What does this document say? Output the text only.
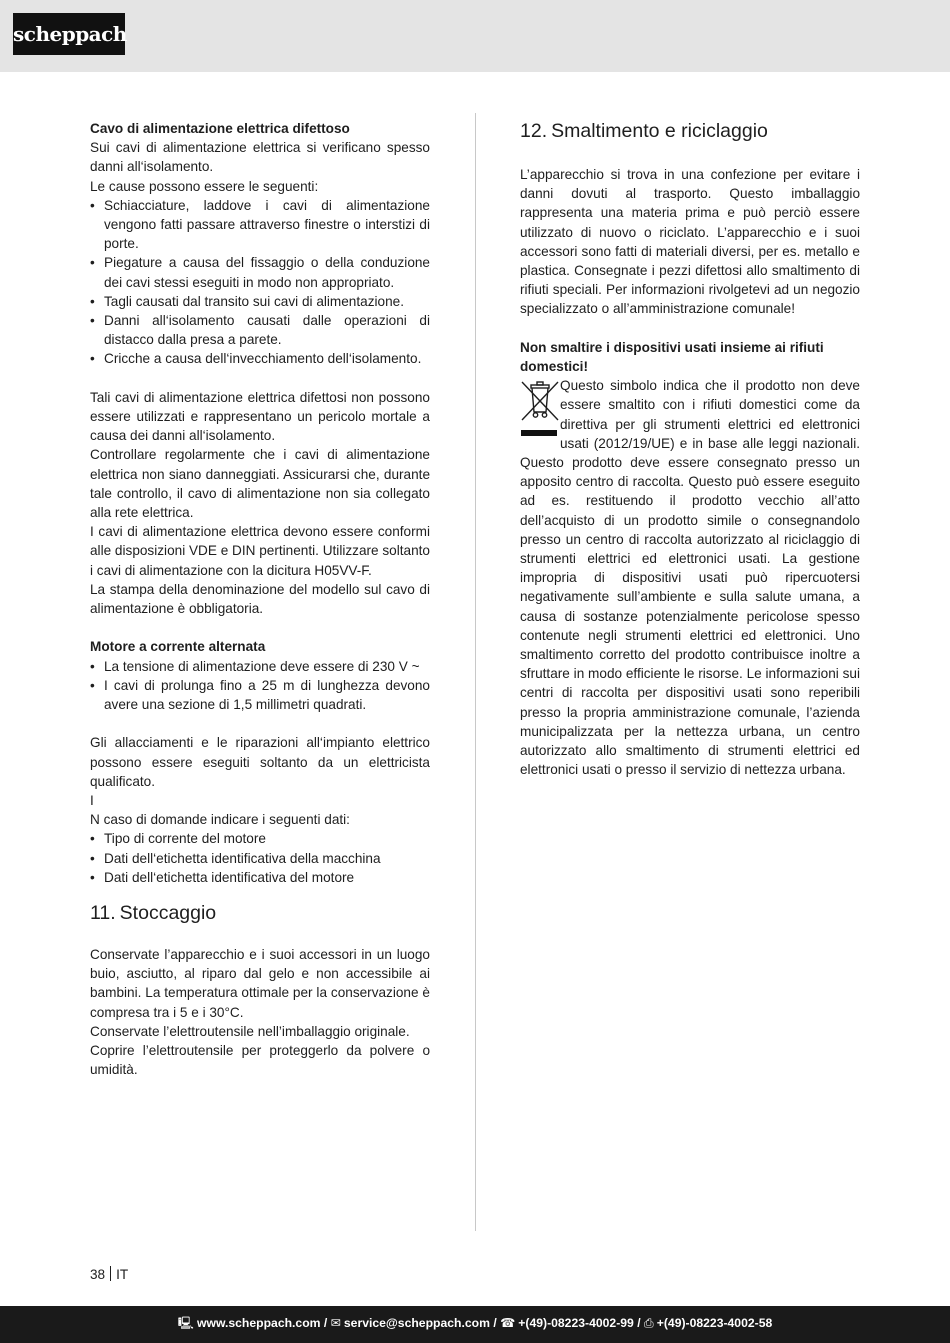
scheppach

Cavo di alimentazione elettrica difettoso

Sui cavi di alimentazione elettrica si verificano spesso danni all‘isolamento.

Le cause possono essere le seguenti:

• Schiacciature, laddove i cavi di alimentazione vengono fatti passare attraverso finestre o interstizi di porte.
• Piegature a causa del fissaggio o della conduzione dei cavi stessi eseguiti in modo non appropriato.
• Tagli causati dal transito sui cavi di alimentazione.
• Danni all‘isolamento causati dalle operazioni di distacco dalla presa a parete.
• Cricche a causa dell‘invecchiamento dell‘isolamento.

Tali cavi di alimentazione elettrica difettosi non possono essere utilizzati e rappresentano un pericolo mortale a causa dei danni all‘isolamento.

Controllare regolarmente che i cavi di alimentazione elettrica non siano danneggiati. Assicurarsi che, durante tale controllo, il cavo di alimentazione non sia collegato alla rete elettrica.

I cavi di alimentazione elettrica devono essere conformi alle disposizioni VDE e DIN pertinenti. Utilizzare soltanto i cavi di alimentazione con la dicitura H05VV-F.

La stampa della denominazione del modello sul cavo di alimentazione è obbligatoria.

Motore a corrente alternata

• La tensione di alimentazione deve essere di 230 V ~
• I cavi di prolunga fino a 25 m di lunghezza devono avere una sezione di 1,5 millimetri quadrati.

Gli allacciamenti e le riparazioni all‘impianto elettrico possono essere eseguiti soltanto da un elettricista qualificato.

I

N caso di domande indicare i seguenti dati:

• Tipo di corrente del motore
• Dati dell‘etichetta identificativa della macchina
• Dati dell‘etichetta identificativa del motore
11. Stoccaggio

Conservate l’apparecchio e i suoi accessori in un luogo buio, asciutto, al riparo dal gelo e non accessibile ai bambini. La temperatura ottimale per la conservazione è compresa tra i 5 e i 30°C.

Conservate l’elettroutensile nell’imballaggio originale.

Coprire l’elettroutensile per proteggerlo da polvere o umidità.

12. Smaltimento e riciclaggio

L’apparecchio si trova in una confezione per evitare i danni dovuti al trasporto. Questo imballaggio rappresenta una materia prima e può perciò essere utilizzato di nuovo o riciclato. L’apparecchio e i suoi accessori sono fatti di materiali diversi, per es. metallo e plastica. Consegnate i pezzi difettosi allo smaltimento di rifiuti speciali. Per informazioni rivolgetevi ad un negozio specializzato o all’amministrazione comunale!

Non smaltire i dispositivi usati insieme ai rifiuti domestici!

Questo simbolo indica che il prodotto non deve essere smaltito con i rifiuti domestici come da direttiva per gli strumenti elettrici ed elettronici usati (2012/19/UE) e in base alle leggi nazionali. Questo prodotto deve essere consegnato presso un apposito centro di raccolta. Questo può essere eseguito ad es. restituendo il prodotto vecchio all’atto dell’acquisto di un prodotto simile o consegnandolo presso un centro di raccolta autorizzato al riciclaggio di strumenti elettrici ed elettronici usati. La gestione impropria di dispositivi usati può ripercuotersi negativamente sull’ambiente e sulla salute umana, a causa di sostanze potenzialmente pericolose spesso contenute negli strumenti elettrici ed elettronici. Uno smaltimento corretto del prodotto contribuisce inoltre a sfruttare in modo efficiente le risorse. Le informazioni sui centri di raccolta per dispositivi usati sono reperibili presso la propria amministrazione comunale, l’azienda municipalizzata per la nettezza urbana, un centro autorizzato allo smaltimento di strumenti elettrici ed elettronici usati o presso il servizio di nettezza urbana.

38 IT
🖳 www.scheppach.com / ✉ service@scheppach.com / ☎ +(49)-08223-4002-99 / ⎙ +(49)-08223-4002-58
